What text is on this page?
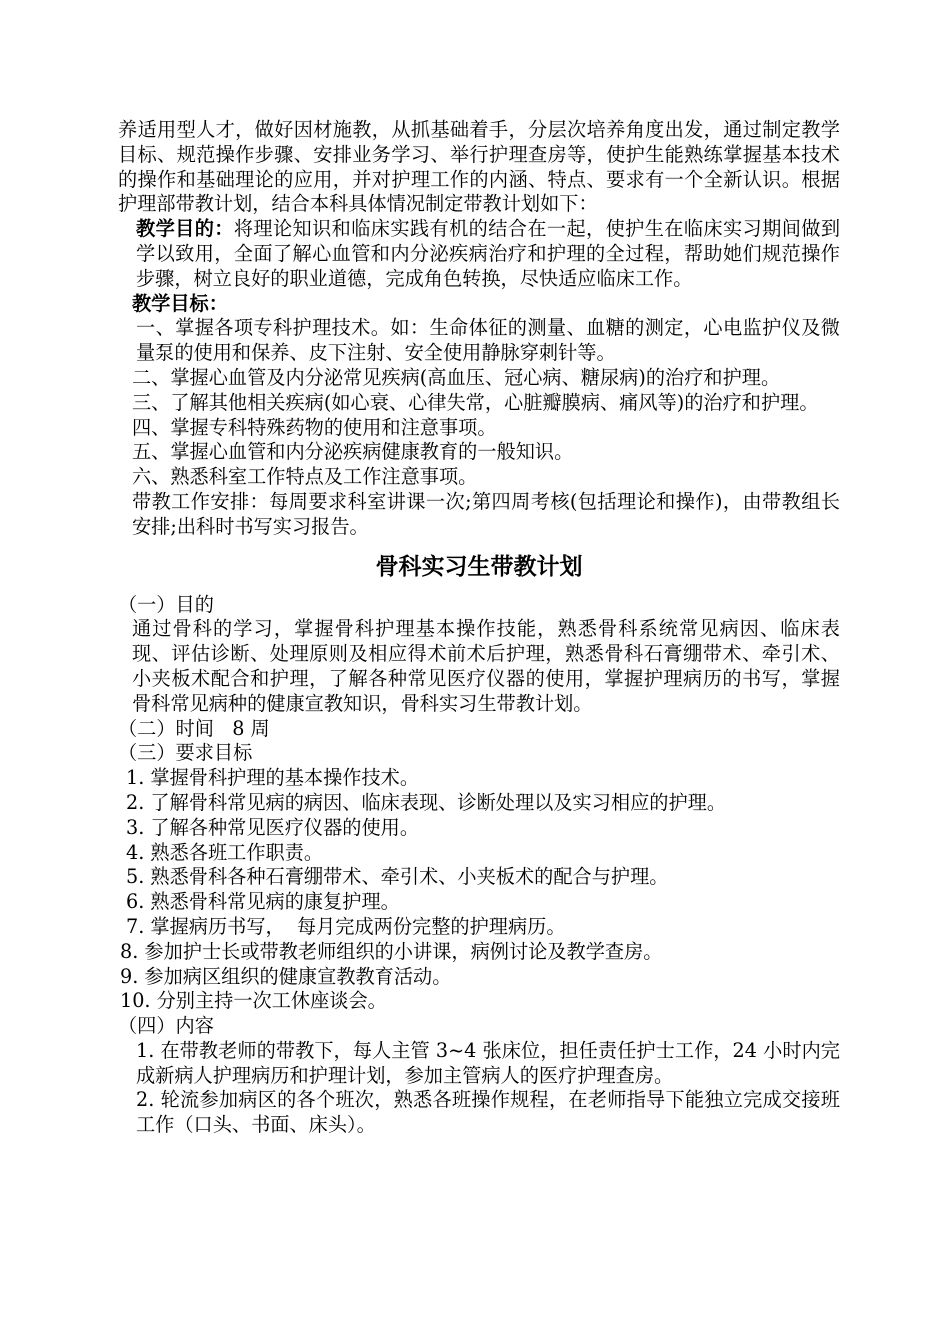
养适用型人才，做好因材施教，从抓基础着手，分层次培养角度出发，通过制定教学目标、规范操作步骤、安排业务学习、举行护理查房等，使护生能熟练掌握基本技术的操作和基础理论的应用，并对护理工作的内涵、特点、要求有一个全新认识。根据护理部带教计划，结合本科具体情况制定带教计划如下：

教学目的：将理论知识和临床实践有机的结合在一起，使护生在临床实习期间做到学以致用，全面了解心血管和内分泌疾病治疗和护理的全过程，帮助她们规范操作步骤，树立良好的职业道德，完成角色转换，尽快适应临床工作。

教学目标：

一、掌握各项专科护理技术。如：生命体征的测量、血糖的测定，心电监护仪及微量泵的使用和保养、皮下注射、安全使用静脉穿刺针等。

二、掌握心血管及内分泌常见疾病(高血压、冠心病、糖尿病)的治疗和护理。

三、了解其他相关疾病(如心衰、心律失常，心脏瓣膜病、痛风等)的治疗和护理。

四、掌握专科特殊药物的使用和注意事项。

五、掌握心血管和内分泌疾病健康教育的一般知识。

六、熟悉科室工作特点及工作注意事项。

带教工作安排：每周要求科室讲课一次;第四周考核(包括理论和操作)，由带教组长安排;出科时书写实习报告。

骨科实习生带教计划

（一）目的

通过骨科的学习，掌握骨科护理基本操作技能，熟悉骨科系统常见病因、临床表现、评估诊断、处理原则及相应得术前术后护理，熟悉骨科石膏绷带术、牵引术、小夹板术配合和护理，了解各种常见医疗仪器的使用，掌握护理病历的书写，掌握骨科常见病种的健康宣教知识，骨科实习生带教计划。

（二）时间   8 周

（三）要求目标

1. 掌握骨科护理的基本操作技术。

2. 了解骨科常见病的病因、临床表现、诊断处理以及实习相应的护理。

3. 了解各种常见医疗仪器的使用。

4. 熟悉各班工作职责。

5. 熟悉骨科各种石膏绷带术、牵引术、小夹板术的配合与护理。

6. 熟悉骨科常见病的康复护理。

7. 掌握病历书写，  每月完成两份完整的护理病历。

8. 参加护士长或带教老师组织的小讲课，病例讨论及教学查房。

9. 参加病区组织的健康宣教教育活动。

10. 分别主持一次工休座谈会。

（四）内容

1. 在带教老师的带教下，每人主管 3~4 张床位，担任责任护士工作，24 小时内完成新病人护理病历和护理计划，参加主管病人的医疗护理查房。

2. 轮流参加病区的各个班次，熟悉各班操作规程，在老师指导下能独立完成交接班工作（口头、书面、床头）。
